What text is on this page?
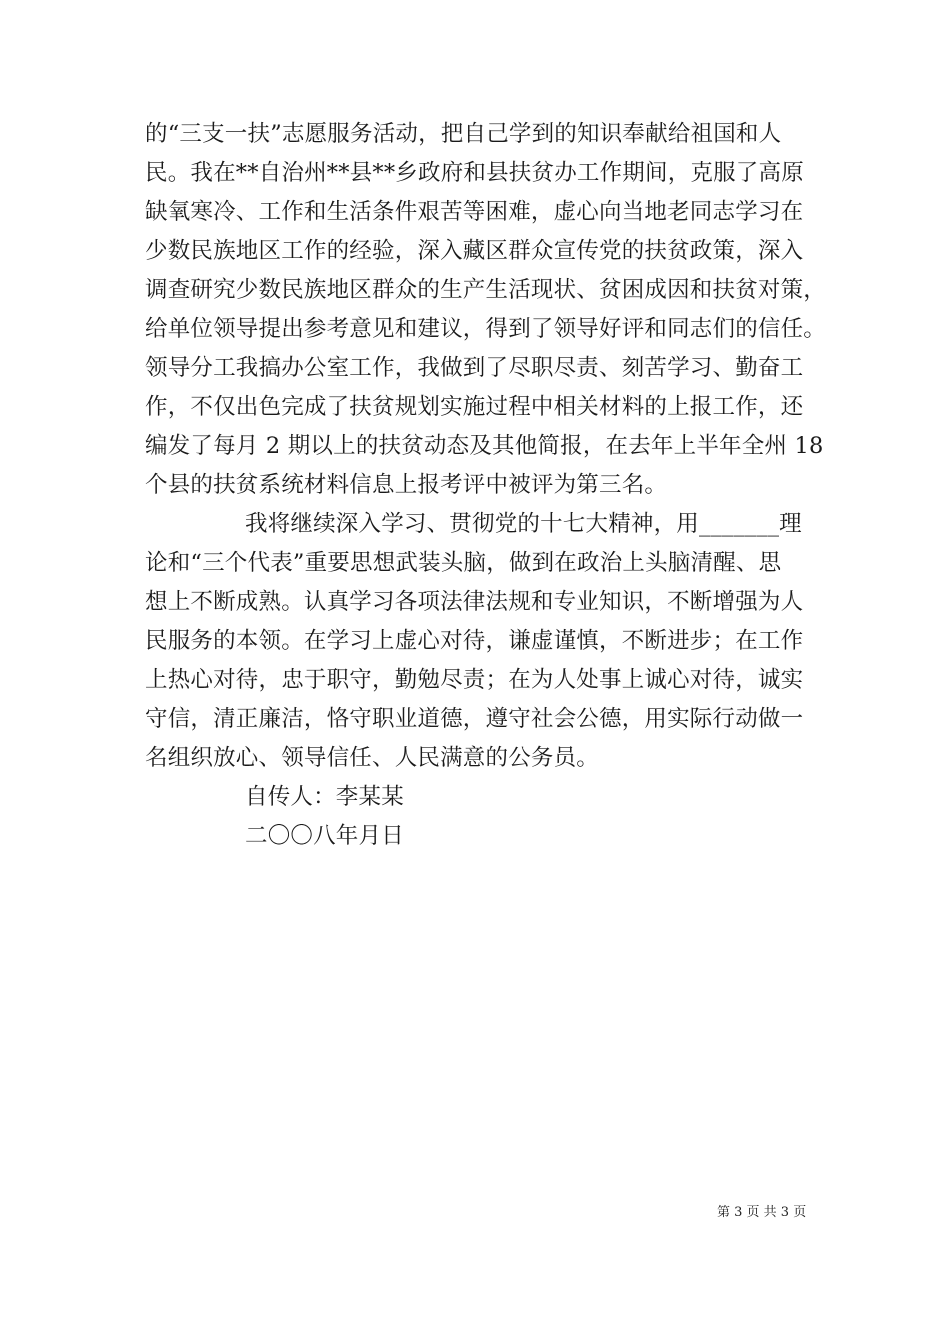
的“三支一扶”志愿服务活动，把自己学到的知识奉献给祖国和人
民。我在**自治州**县**乡政府和县扶贫办工作期间，克服了高原
缺氧寒冷、工作和生活条件艰苦等困难，虚心向当地老同志学习在
少数民族地区工作的经验，深入藏区群众宣传党的扶贫政策，深入
调查研究少数民族地区群众的生产生活现状、贫困成因和扶贫对策，
给单位领导提出参考意见和建议，得到了领导好评和同志们的信任。
领导分工我搞办公室工作，我做到了尽职尽责、刻苦学习、勤奋工
作，不仅出色完成了扶贫规划实施过程中相关材料的上报工作，还
编发了每月 2 期以上的扶贫动态及其他简报，在去年上半年全州 18
个县的扶贫系统材料信息上报考评中被评为第三名。
我将继续深入学习、贯彻党的十七大精神，用_______理
论和“三个代表”重要思想武装头脑，做到在政治上头脑清醒、思
想上不断成熟。认真学习各项法律法规和专业知识，不断增强为人
民服务的本领。在学习上虚心对待，谦虚谨慎，不断进步；在工作
上热心对待，忠于职守，勤勉尽责；在为人处事上诚心对待，诚实
守信，清正廉洁，恪守职业道德，遵守社会公德，用实际行动做一
名组织放心、领导信任、人民满意的公务员。
自传人：李某某
二〇〇八年月日
第 3 页 共 3 页
